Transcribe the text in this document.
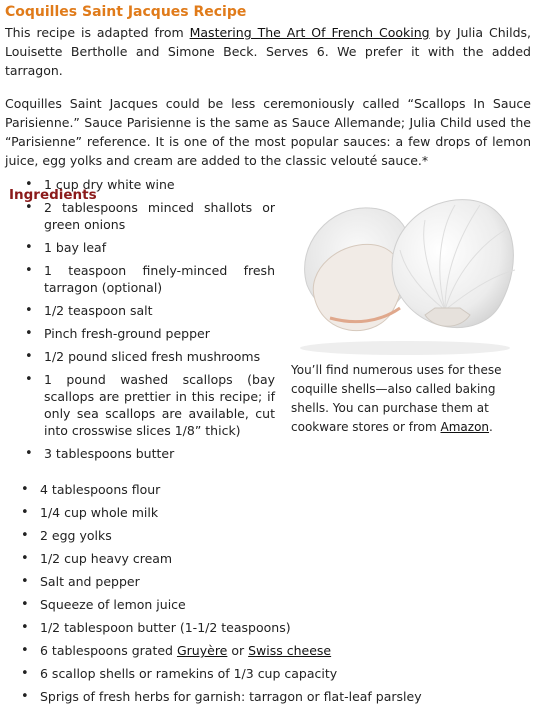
Coquilles Saint Jacques Recipe

This recipe is adapted from Mastering The Art Of French Cooking by Julia Childs, Louisette Bertholle and Simone Beck. Serves 6. We prefer it with the added tarragon.

Coquilles Saint Jacques could be less ceremoniously called “Scallops In Sauce Parisienne.” Sauce Parisienne is the same as Sauce Allemande; Julia Child used the “Parisienne” reference. It is one of the most popular sauces: a few drops of lemon juice, egg yolks and cream are added to the classic velouté sauce.*

Ingredients
• 1 cup dry white wine
• 2 tablespoons minced shallots or green onions
• 1 bay leaf
• 1 teaspoon finely-minced fresh tarragon (optional)
• 1/2 teaspoon salt
• Pinch fresh-ground pepper
• 1/2 pound sliced fresh mushrooms
• 1 pound washed scallops (bay scallops are prettier in this recipe; if only sea scallops are available, cut into crosswise slices 1/8” thick)
• 3 tablespoons butter
You’ll find numerous uses for these coquille shells—also called baking shells. You can purchase them at cookware stores or from Amazon.
• 4 tablespoons flour
• 1/4 cup whole milk
• 2 egg yolks
• 1/2 cup heavy cream
• Salt and pepper
• Squeeze of lemon juice
• 1/2 tablespoon butter (1-1/2 teaspoons)
• 6 tablespoons grated Gruyère or Swiss cheese
• 6 scallop shells or ramekins of 1/3 cup capacity
• Sprigs of fresh herbs for garnish: tarragon or flat-leaf parsley
